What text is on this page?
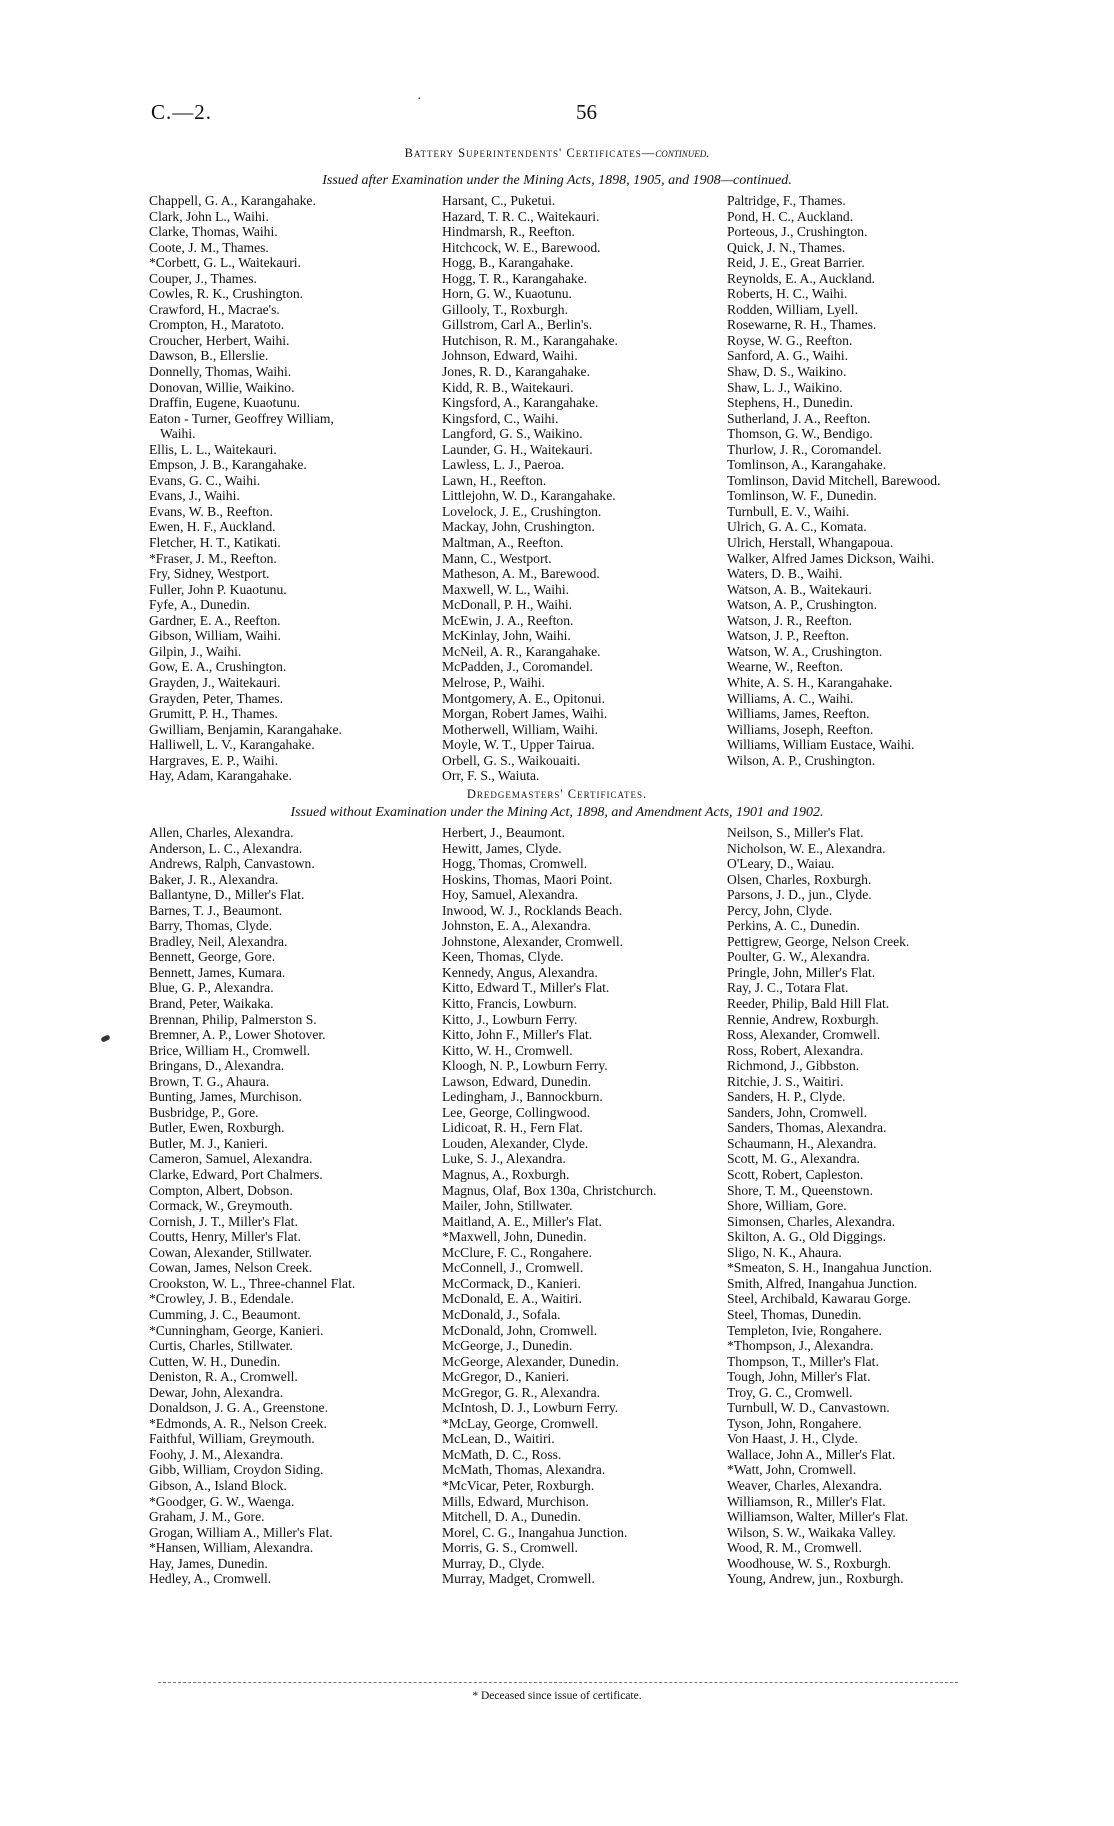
C.—2.	56
·
Battery Superintendents' Certificates—continued.
Issued after Examination under the Mining Acts, 1898, 1905, and 1908—continued.
Chappell, G. A., Karangahake.
Clark, John L., Waihi.
Clarke, Thomas, Waihi.
Coote, J. M., Thames.
*Corbett, G. L., Waitekauri.
Couper, J., Thames.
Cowles, R. K., Crushington.
Crawford, H., Macrae's.
Crompton, H., Maratoto.
Croucher, Herbert, Waihi.
Dawson, B., Ellerslie.
Donnelly, Thomas, Waihi.
Donovan, Willie, Waikino.
Draffin, Eugene, Kuaotunu.
Eaton - Turner, Geoffrey William,
Waihi.
Ellis, L. L., Waitekauri.
Empson, J. B., Karangahake.
Evans, G. C., Waihi.
Evans, J., Waihi.
Evans, W. B., Reefton.
Ewen, H. F., Auckland.
Fletcher, H. T., Katikati.
*Fraser, J. M., Reefton.
Fry, Sidney, Westport.
Fuller, John P. Kuaotunu.
Fyfe, A., Dunedin.
Gardner, E. A., Reefton.
Gibson, William, Waihi.
Gilpin, J., Waihi.
Gow, E. A., Crushington.
Grayden, J., Waitekauri.
Grayden, Peter, Thames.
Grumitt, P. H., Thames.
Gwilliam, Benjamin, Karangahake.
Halliwell, L. V., Karangahake.
Hargraves, E. P., Waihi.
Hay, Adam, Karangahake.
Harsant, C., Puketui.
Hazard, T. R. C., Waitekauri.
Hindmarsh, R., Reefton.
Hitchcock, W. E., Barewood.
Hogg, B., Karangahake.
Hogg, T. R., Karangahake.
Horn, G. W., Kuaotunu.
Gillooly, T., Roxburgh.
Gillstrom, Carl A., Berlin's.
Hutchison, R. M., Karangahake.
Johnson, Edward, Waihi.
Jones, R. D., Karangahake.
Kidd, R. B., Waitekauri.
Kingsford, A., Karangahake.
Kingsford, C., Waihi.
Langford, G. S., Waikino.
Launder, G. H., Waitekauri.
Lawless, L. J., Paeroa.
Lawn, H., Reefton.
Littlejohn, W. D., Karangahake.
Lovelock, J. E., Crushington.
Mackay, John, Crushington.
Maltman, A., Reefton.
Mann, C., Westport.
Matheson, A. M., Barewood.
Maxwell, W. L., Waihi.
McDonall, P. H., Waihi.
McEwin, J. A., Reefton.
McKinlay, John, Waihi.
McNeil, A. R., Karangahake.
McPadden, J., Coromandel.
Melrose, P., Waihi.
Montgomery, A. E., Opitonui.
Morgan, Robert James, Waihi.
Motherwell, William, Waihi.
Moyle, W. T., Upper Tairua.
Orbell, G. S., Waikouaiti.
Orr, F. S., Waiuta.
Paltridge, F., Thames.
Pond, H. C., Auckland.
Porteous, J., Crushington.
Quick, J. N., Thames.
Reid, J. E., Great Barrier.
Reynolds, E. A., Auckland.
Roberts, H. C., Waihi.
Rodden, William, Lyell.
Rosewarne, R. H., Thames.
Royse, W. G., Reefton.
Sanford, A. G., Waihi.
Shaw, D. S., Waikino.
Shaw, L. J., Waikino.
Stephens, H., Dunedin.
Sutherland, J. A., Reefton.
Thomson, G. W., Bendigo.
Thurlow, J. R., Coromandel.
Tomlinson, A., Karangahake.
Tomlinson, David Mitchell, Barewood.
Tomlinson, W. F., Dunedin.
Turnbull, E. V., Waihi.
Ulrich, G. A. C., Komata.
Ulrich, Herstall, Whangapoua.
Walker, Alfred James Dickson, Waihi.
Waters, D. B., Waihi.
Watson, A. B., Waitekauri.
Watson, A. P., Crushington.
Watson, J. R., Reefton.
Watson, J. P., Reefton.
Watson, W. A., Crushington.
Wearne, W., Reefton.
White, A. S. H., Karangahake.
Williams, A. C., Waihi.
Williams, James, Reefton.
Williams, Joseph, Reefton.
Williams, William Eustace, Waihi.
Wilson, A. P., Crushington.
Dredgemasters' Certificates.
Issued without Examination under the Mining Act, 1898, and Amendment Acts, 1901 and 1902.
Allen, Charles, Alexandra.
Anderson, L. C., Alexandra.
Andrews, Ralph, Canvastown.
Baker, J. R., Alexandra.
Ballantyne, D., Miller's Flat.
Barnes, T. J., Beaumont.
Barry, Thomas, Clyde.
Bradley, Neil, Alexandra.
Bennett, George, Gore.
Bennett, James, Kumara.
Blue, G. P., Alexandra.
Brand, Peter, Waikaka.
Brennan, Philip, Palmerston S.
Bremner, A. P., Lower Shotover.
Brice, William H., Cromwell.
Bringans, D., Alexandra.
Brown, T. G., Ahaura.
Bunting, James, Murchison.
Busbridge, P., Gore.
Butler, Ewen, Roxburgh.
Butler, M. J., Kanieri.
Cameron, Samuel, Alexandra.
Clarke, Edward, Port Chalmers.
Compton, Albert, Dobson.
Cormack, W., Greymouth.
Cornish, J. T., Miller's Flat.
Coutts, Henry, Miller's Flat.
Cowan, Alexander, Stillwater.
Cowan, James, Nelson Creek.
Crookston, W. L., Three-channel Flat.
*Crowley, J. B., Edendale.
Cumming, J. C., Beaumont.
*Cunningham, George, Kanieri.
Curtis, Charles, Stillwater.
Cutten, W. H., Dunedin.
Deniston, R. A., Cromwell.
Dewar, John, Alexandra.
Donaldson, J. G. A., Greenstone.
*Edmonds, A. R., Nelson Creek.
Faithful, William, Greymouth.
Foohy, J. M., Alexandra.
Gibb, William, Croydon Siding.
Gibson, A., Island Block.
*Goodger, G. W., Waenga.
Graham, J. M., Gore.
Grogan, William A., Miller's Flat.
*Hansen, William, Alexandra.
Hay, James, Dunedin.
Hedley, A., Cromwell.
Herbert, J., Beaumont.
Hewitt, James, Clyde.
Hogg, Thomas, Cromwell.
Hoskins, Thomas, Maori Point.
Hoy, Samuel, Alexandra.
Inwood, W. J., Rocklands Beach.
Johnston, E. A., Alexandra.
Johnstone, Alexander, Cromwell.
Keen, Thomas, Clyde.
Kennedy, Angus, Alexandra.
Kitto, Edward T., Miller's Flat.
Kitto, Francis, Lowburn.
Kitto, J., Lowburn Ferry.
Kitto, John F., Miller's Flat.
Kitto, W. H., Cromwell.
Kloogh, N. P., Lowburn Ferry.
Lawson, Edward, Dunedin.
Ledingham, J., Bannockburn.
Lee, George, Collingwood.
Lidicoat, R. H., Fern Flat.
Louden, Alexander, Clyde.
Luke, S. J., Alexandra.
Magnus, A., Roxburgh.
Magnus, Olaf, Box 130a, Christchurch.
Mailer, John, Stillwater.
Maitland, A. E., Miller's Flat.
*Maxwell, John, Dunedin.
McClure, F. C., Rongahere.
McConnell, J., Cromwell.
McCormack, D., Kanieri.
McDonald, E. A., Waitiri.
McDonald, J., Sofala.
McDonald, John, Cromwell.
McGeorge, J., Dunedin.
McGeorge, Alexander, Dunedin.
McGregor, D., Kanieri.
McGregor, G. R., Alexandra.
McIntosh, D. J., Lowburn Ferry.
*McLay, George, Cromwell.
McLean, D., Waitiri.
McMath, D. C., Ross.
McMath, Thomas, Alexandra.
*McVicar, Peter, Roxburgh.
Mills, Edward, Murchison.
Mitchell, D. A., Dunedin.
Morel, C. G., Inangahua Junction.
Morris, G. S., Cromwell.
Murray, D., Clyde.
Murray, Madget, Cromwell.
Neilson, S., Miller's Flat.
Nicholson, W. E., Alexandra.
O'Leary, D., Waiau.
Olsen, Charles, Roxburgh.
Parsons, J. D., jun., Clyde.
Percy, John, Clyde.
Perkins, A. C., Dunedin.
Pettigrew, George, Nelson Creek.
Poulter, G. W., Alexandra.
Pringle, John, Miller's Flat.
Ray, J. C., Totara Flat.
Reeder, Philip, Bald Hill Flat.
Rennie, Andrew, Roxburgh.
Ross, Alexander, Cromwell.
Ross, Robert, Alexandra.
Richmond, J., Gibbston.
Ritchie, J. S., Waitiri.
Sanders, H. P., Clyde.
Sanders, John, Cromwell.
Sanders, Thomas, Alexandra.
Schaumann, H., Alexandra.
Scott, M. G., Alexandra.
Scott, Robert, Capleston.
Shore, T. M., Queenstown.
Shore, William, Gore.
Simonsen, Charles, Alexandra.
Skilton, A. G., Old Diggings.
Sligo, N. K., Ahaura.
*Smeaton, S. H., Inangahua Junction.
Smith, Alfred, Inangahua Junction.
Steel, Archibald, Kawarau Gorge.
Steel, Thomas, Dunedin.
Templeton, Ivie, Rongahere.
*Thompson, J., Alexandra.
Thompson, T., Miller's Flat.
Tough, John, Miller's Flat.
Troy, G. C., Cromwell.
Turnbull, W. D., Canvastown.
Tyson, John, Rongahere.
Von Haast, J. H., Clyde.
Wallace, John A., Miller's Flat.
*Watt, John, Cromwell.
Weaver, Charles, Alexandra.
Williamson, R., Miller's Flat.
Williamson, Walter, Miller's Flat.
Wilson, S. W., Waikaka Valley.
Wood, R. M., Cromwell.
Woodhouse, W. S., Roxburgh.
Young, Andrew, jun., Roxburgh.
* Deceased since issue of certificate.
